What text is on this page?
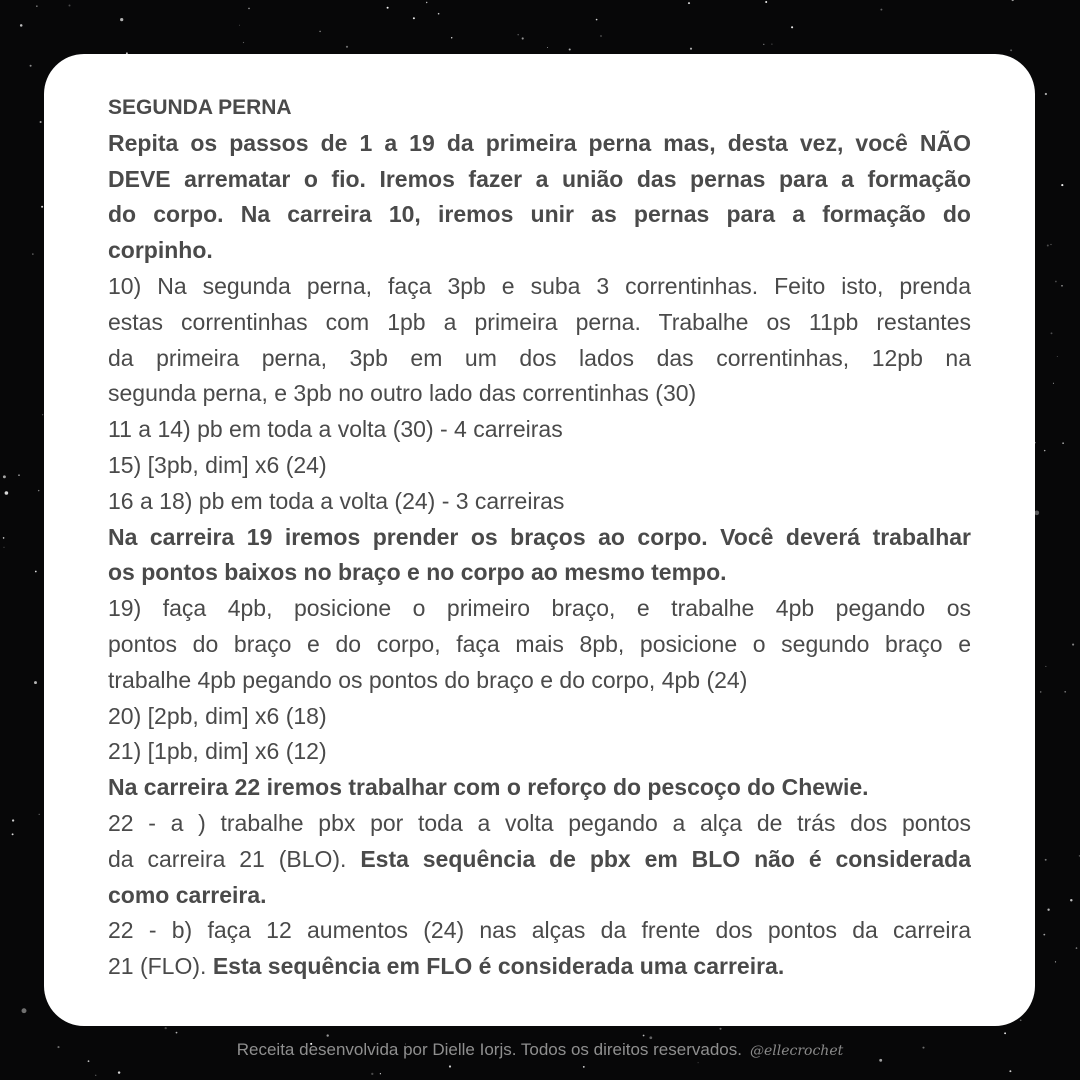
SEGUNDA PERNA
Repita os passos de 1 a 19 da primeira perna mas, desta vez, você NÃO
DEVE arrematar o fio. Iremos fazer a união das pernas para a formação
do corpo. Na carreira 10, iremos unir as pernas para a formação do
corpinho.
10) Na segunda perna, faça 3pb e suba 3 correntinhas. Feito isto, prenda
estas correntinhas com 1pb a primeira perna. Trabalhe os 11pb restantes
da primeira perna, 3pb em um dos lados das correntinhas, 12pb na
segunda perna, e 3pb no outro lado das correntinhas (30)
11 a 14) pb em toda a volta (30) - 4 carreiras
15) [3pb, dim] x6 (24)
16 a 18) pb em toda a volta (24) - 3 carreiras
Na carreira 19 iremos prender os braços ao corpo. Você deverá trabalhar
os pontos baixos no braço e no corpo ao mesmo tempo.
19) faça 4pb, posicione o primeiro braço, e trabalhe 4pb pegando os
pontos do braço e do corpo, faça mais 8pb, posicione o segundo braço e
trabalhe 4pb pegando os pontos do braço e do corpo, 4pb (24)
20) [2pb, dim] x6 (18)
21) [1pb, dim] x6 (12)
Na carreira 22 iremos trabalhar com o reforço do pescoço do Chewie.
22 - a ) trabalhe pbx por toda a volta pegando a alça de trás dos pontos
da carreira 21 (BLO). Esta sequência de pbx em BLO não é considerada
como carreira.
22 - b) faça 12 aumentos (24) nas alças da frente dos pontos da carreira
21 (FLO). Esta sequência em FLO é considerada uma carreira.
Receita desenvolvida por Dielle Iorjs. Todos os direitos reservados. @ellecrochet
